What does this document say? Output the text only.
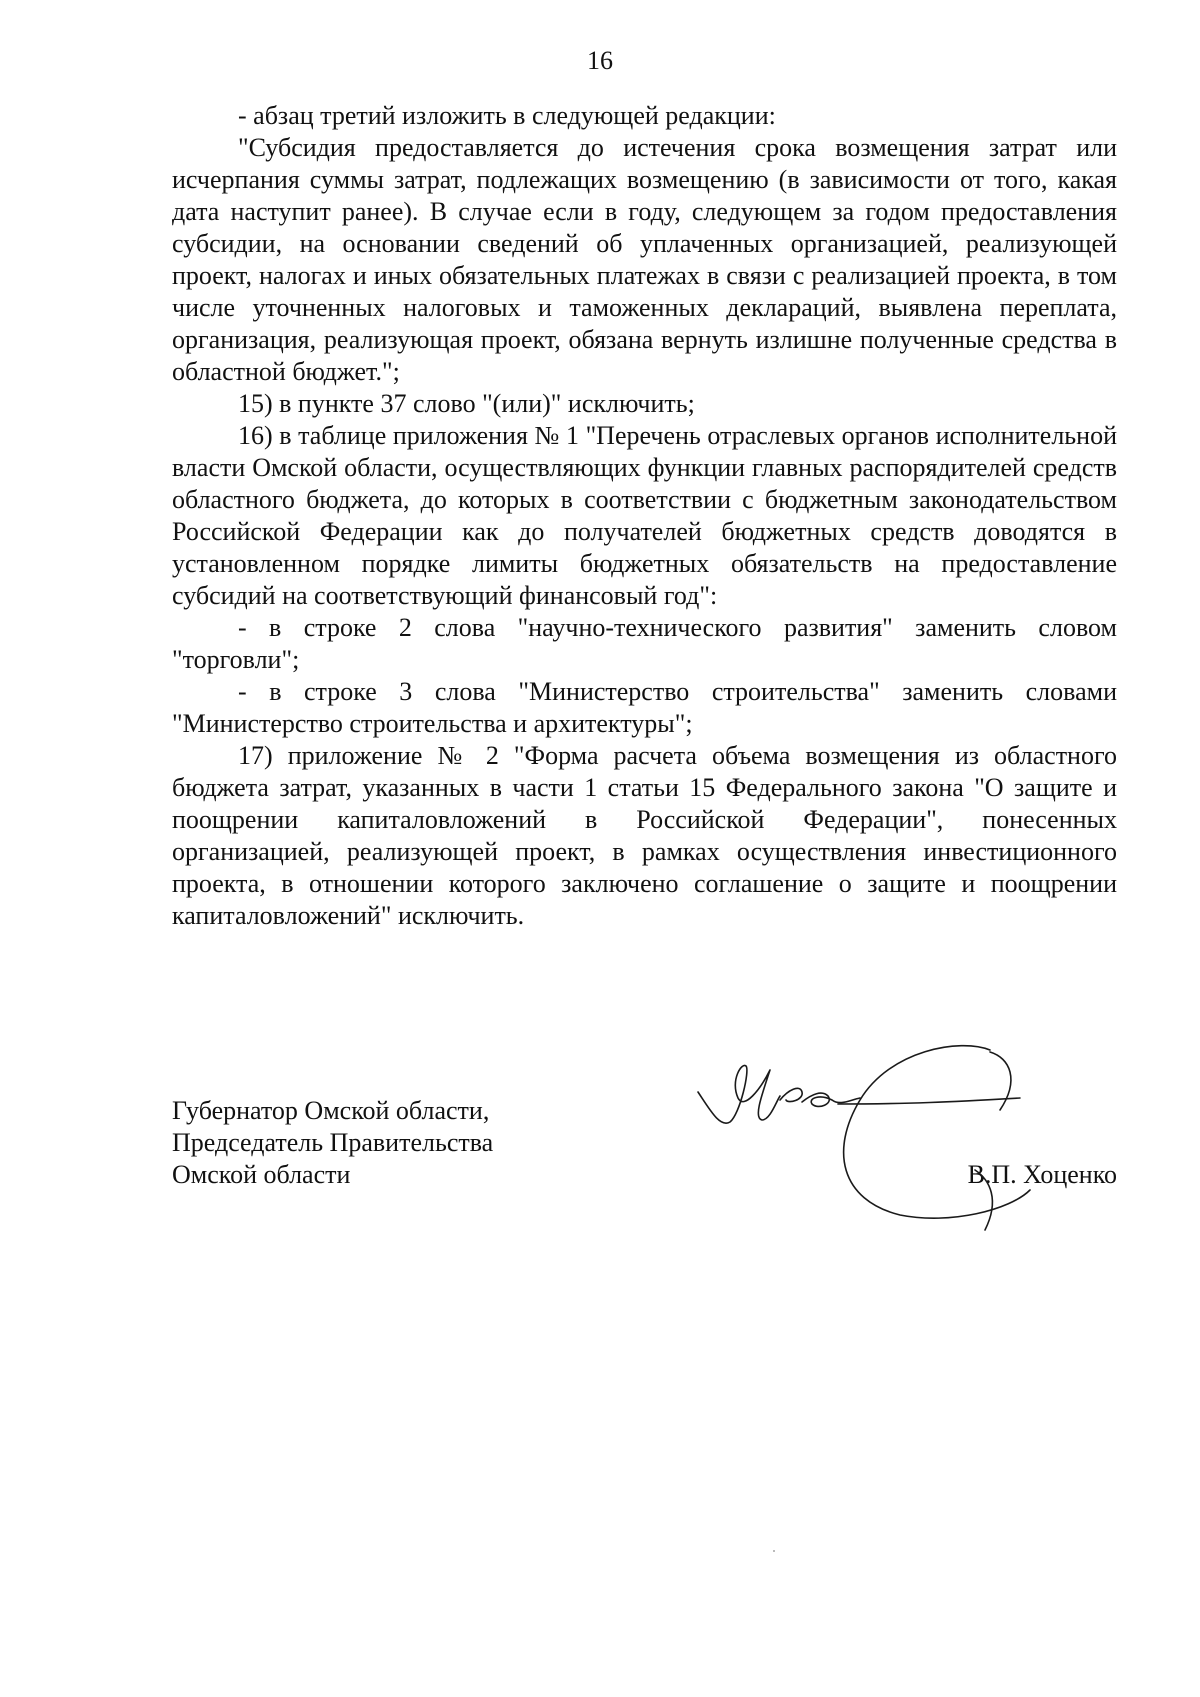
16

- абзац третий изложить в следующей редакции:

"Субсидия предоставляется до истечения срока возмещения затрат или исчерпания суммы затрат, подлежащих возмещению (в зависимости от того, какая дата наступит ранее). В случае если в году, следующем за годом предоставления субсидии, на основании сведений об уплаченных организацией, реализующей проект, налогах и иных обязательных платежах в связи с реализацией проекта, в том числе уточненных налоговых и таможенных деклараций, выявлена переплата, организация, реализующая проект, обязана вернуть излишне полученные средства в областной бюджет.";

15) в пункте 37 слово "(или)" исключить;

16) в таблице приложения № 1 "Перечень отраслевых органов исполнительной власти Омской области, осуществляющих функции главных распорядителей средств областного бюджета, до которых в соответствии с бюджетным законодательством Российской Федерации как до получателей бюджетных средств доводятся в установленном порядке лимиты бюджетных обязательств на предоставление субсидий на соответствующий финансовый год":

- в строке 2 слова "научно-технического развития" заменить словом "торговли";

- в строке 3 слова "Министерство строительства" заменить словами "Министерство строительства и архитектуры";

17) приложение № 2 "Форма расчета объема возмещения из областного бюджета затрат, указанных в части 1 статьи 15 Федерального закона "О защите и поощрении капиталовложений в Российской Федерации", понесенных организацией, реализующей проект, в рамках осуществления инвестиционного проекта, в отношении которого заключено соглашение о защите и поощрении капиталовложений" исключить.

Губернатор Омской области,
Председатель Правительства
Омской области	В.П. Хоценко
